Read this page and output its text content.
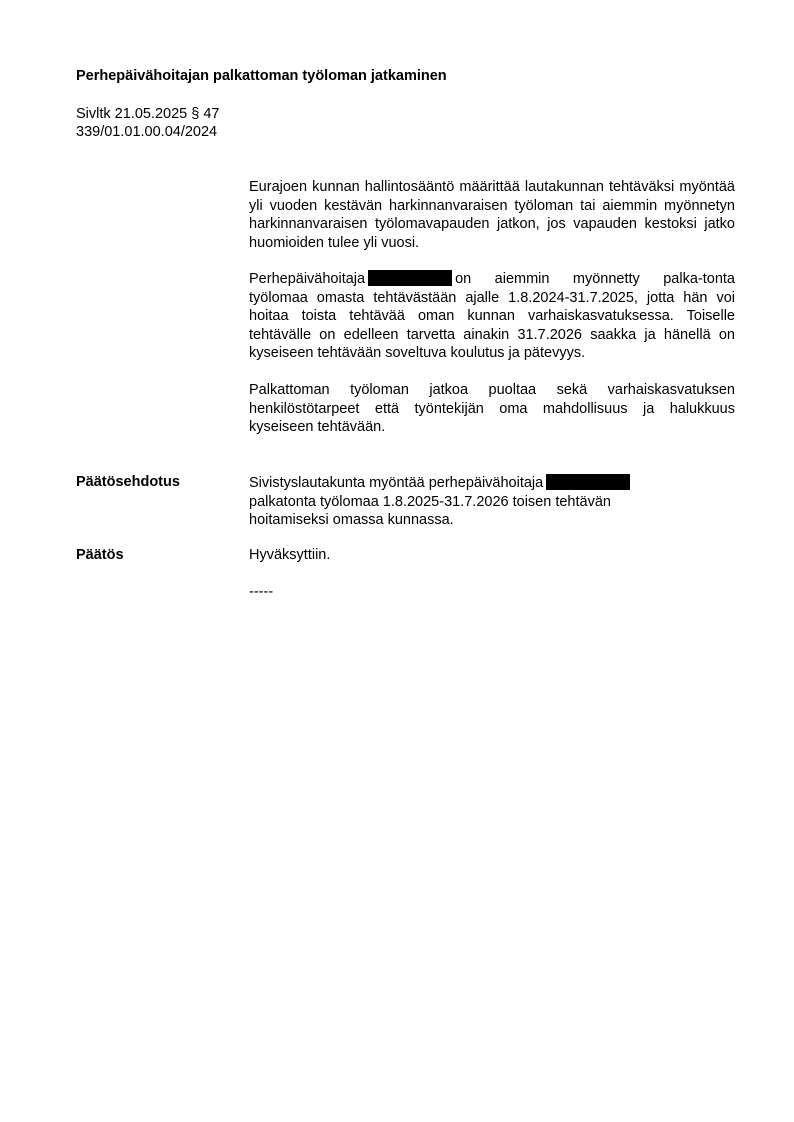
Perhepäivähoitajan palkattoman työloman jatkaminen
Sivltk 21.05.2025 § 47
339/01.01.00.04/2024

Eurajoen kunnan hallintosääntö määrittää lautakunnan tehtäväksi myöntää yli vuoden kestävän harkinnanvaraisen työloman tai aiemmin myönnetyn harkinnanvaraisen työlomavapauden jatkon, jos vapauden kestoksi jatko huomioiden tulee yli vuosi.

Perhepäivähoitaja	on aiemmin myönnetty palka-tonta työlomaa omasta tehtävästään ajalle 1.8.2024-31.7.2025, jotta hän voi hoitaa toista tehtävää oman kunnan varhaiskasvatuksessa. Toiselle tehtävälle on edelleen tarvetta ainakin 31.7.2026 saakka ja hänellä on kyseiseen tehtävään soveltuva koulutus ja pätevyys.

Palkattoman työloman jatkoa puoltaa sekä varhaiskasvatuksen henkilöstötarpeet että työntekijän oma mahdollisuus ja halukkuus kyseiseen tehtävään.

Päätösehdotus	Sivistyslautakunta myöntää perhepäivähoitajapalkatonta työlomaa 1.8.2025-31.7.2026 toisen tehtävän hoitamiseksi omassa kunnassa.

Päätös	Hyväksyttiin.
-----
